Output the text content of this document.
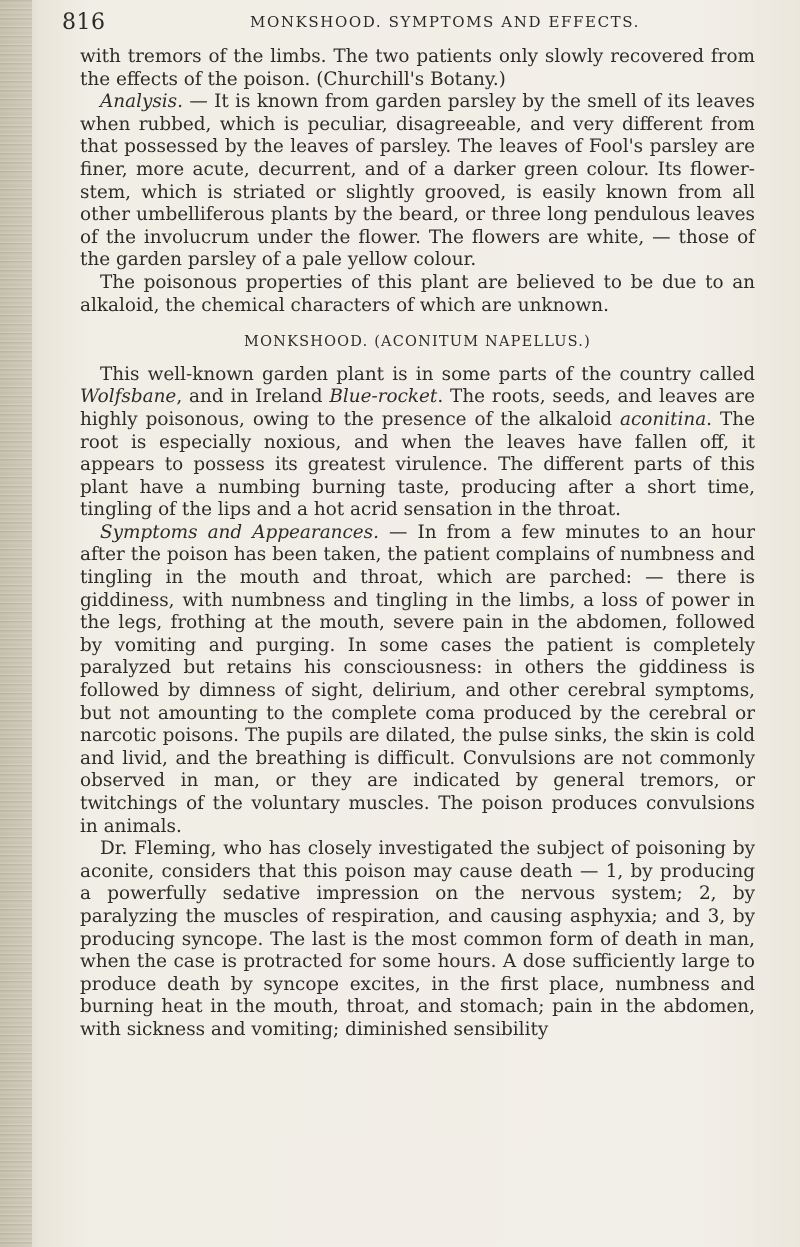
816	MONKSHOOD. SYMPTOMS AND EFFECTS.

with tremors of the limbs. The two patients only slowly recovered from the effects of the poison. (Churchill's Botany.)

Analysis. — It is known from garden parsley by the smell of its leaves when rubbed, which is peculiar, disagreeable, and very different from that possessed by the leaves of parsley. The leaves of Fool's parsley are finer, more acute, decurrent, and of a darker green colour. Its flower-stem, which is striated or slightly grooved, is easily known from all other umbelliferous plants by the beard, or three long pendulous leaves of the involucrum under the flower. The flowers are white, — those of the garden parsley of a pale yellow colour.

The poisonous properties of this plant are believed to be due to an alkaloid, the chemical characters of which are unknown.

MONKSHOOD. (ACONITUM NAPELLUS.)

This well-known garden plant is in some parts of the country called Wolfsbane, and in Ireland Blue-rocket. The roots, seeds, and leaves are highly poisonous, owing to the presence of the alkaloid aconitina. The root is especially noxious, and when the leaves have fallen off, it appears to possess its greatest virulence. The different parts of this plant have a numbing burning taste, producing after a short time, tingling of the lips and a hot acrid sensation in the throat.

Symptoms and Appearances. — In from a few minutes to an hour after the poison has been taken, the patient complains of numbness and tingling in the mouth and throat, which are parched: — there is giddiness, with numbness and tingling in the limbs, a loss of power in the legs, frothing at the mouth, severe pain in the abdomen, followed by vomiting and purging. In some cases the patient is completely paralyzed but retains his consciousness: in others the giddiness is followed by dimness of sight, delirium, and other cerebral symptoms, but not amounting to the complete coma produced by the cerebral or narcotic poisons. The pupils are dilated, the pulse sinks, the skin is cold and livid, and the breathing is difficult. Convulsions are not commonly observed in man, or they are indicated by general tremors, or twitchings of the voluntary muscles. The poison produces convulsions in animals.

Dr. Fleming, who has closely investigated the subject of poisoning by aconite, considers that this poison may cause death — 1, by producing a powerfully sedative impression on the nervous system; 2, by paralyzing the muscles of respiration, and causing asphyxia; and 3, by producing syncope. The last is the most common form of death in man, when the case is protracted for some hours. A dose sufficiently large to produce death by syncope excites, in the first place, numbness and burning heat in the mouth, throat, and stomach; pain in the abdomen, with sickness and vomiting; diminished sensibility
